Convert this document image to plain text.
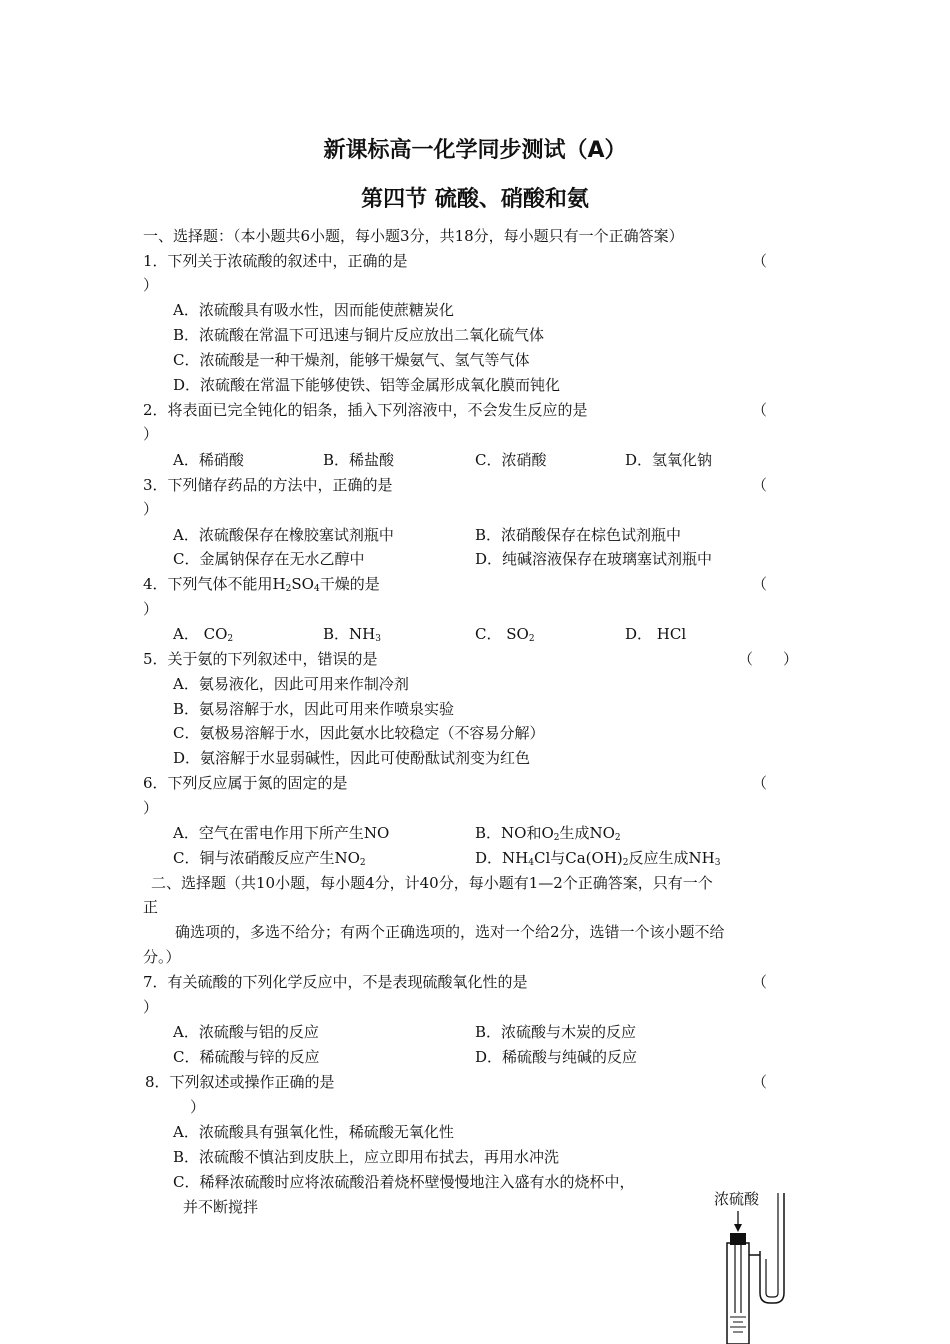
新课标高一化学同步测试（A）
第四节 硫酸、硝酸和氨
一、选择题：（本小题共6小题，每小题3分，共18分，每小题只有一个正确答案）
1．下列关于浓硫酸的叙述中，正确的是	（
）
A．浓硫酸具有吸水性，因而能使蔗糖炭化
B．浓硫酸在常温下可迅速与铜片反应放出二氧化硫气体
C．浓硫酸是一种干燥剂，能够干燥氨气、氢气等气体
D．浓硫酸在常温下能够使铁、铝等金属形成氧化膜而钝化
2．将表面已完全钝化的铝条，插入下列溶液中，不会发生反应的是	（
）
A．稀硝酸	B．稀盐酸	C．浓硝酸	D．氢氧化钠
3．下列储存药品的方法中，正确的是	（
）
A．浓硫酸保存在橡胶塞试剂瓶中	B．浓硝酸保存在棕色试剂瓶中
C．金属钠保存在无水乙醇中	D．纯碱溶液保存在玻璃塞试剂瓶中
4．下列气体不能用$H_2SO_4$干燥的是	（
）
A． $CO_2$	B．$NH_3$	C． $SO_2$	D． HCl
5．关于氨的下列叙述中，错误的是	（　　）
A．氨易液化，因此可用来作制冷剂
B．氨易溶解于水，因此可用来作喷泉实验
C．氨极易溶解于水，因此氨水比较稳定（不容易分解）
D．氨溶解于水显弱碱性，因此可使酚酞试剂变为红色
6．下列反应属于氮的固定的是	（
）
A．空气在雷电作用下所产生NO	B．NO和$O_2$生成$NO_2$
C．铜与浓硝酸反应产生$NO_2$	D．$NH_4Cl$与$Ca(OH)_2$反应生成$NH_3$
二、选择题（共10小题，每小题4分，计40分，每小题有1—2个正确答案，只有一个
正
确选项的，多选不给分；有两个正确选项的，选对一个给2分，选错一个该小题不给
分。）
7．有关硫酸的下列化学反应中，不是表现硫酸氧化性的是	（
）
A．浓硫酸与铝的反应	B．浓硫酸与木炭的反应
C．稀硫酸与锌的反应	D．稀硫酸与纯碱的反应
8．下列叙述或操作正确的是	（
）
A．浓硫酸具有强氧化性，稀硫酸无氧化性
B．浓硫酸不慎沾到皮肤上，应立即用布拭去，再用水冲洗
C．稀释浓硫酸时应将浓硫酸沿着烧杯壁慢慢地注入盛有水的烧杯中，
并不断搅拌	浓硫酸
